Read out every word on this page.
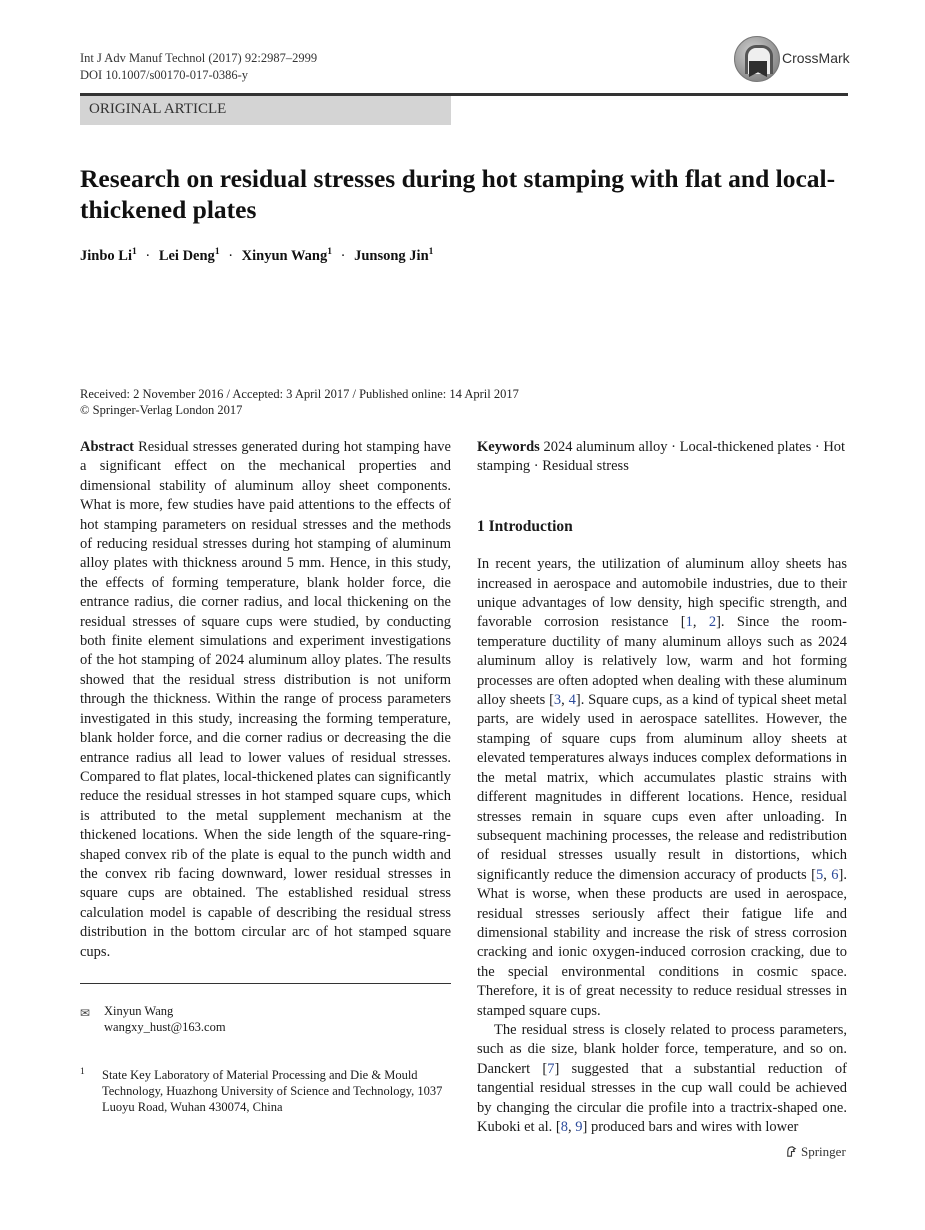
Int J Adv Manuf Technol (2017) 92:2987–2999
DOI 10.1007/s00170-017-0386-y
CrossMark
ORIGINAL ARTICLE
Research on residual stresses during hot stamping with flat and local-thickened plates
Jinbo $Li^1$ · Lei Deng$^1$ · Xinyun Wang$^1$ · Junsong Jin$^1$
Received: 2 November 2016 / Accepted: 3 April 2017 / Published online: 14 April 2017
© Springer-Verlag London 2017

Abstract Residual stresses generated during hot stamping have a significant effect on the mechanical properties and dimensional stability of aluminum alloy sheet components. What is more, few studies have paid attentions to the effects of hot stamping parameters on residual stresses and the methods of reducing residual stresses during hot stamping of aluminum alloy plates with thickness around 5 mm. Hence, in this study, the effects of forming temperature, blank holder force, die entrance radius, die corner radius, and local thickening on the residual stresses of square cups were studied, by conducting both finite element simulations and experiment investigations of the hot stamping of 2024 aluminum alloy plates. The results showed that the residual stress distribution is not uniform through the thickness. Within the range of process parameters investigated in this study, increasing the forming temperature, blank holder force, and die corner radius or decreasing the die entrance radius all lead to lower values of residual stresses. Compared to flat plates, local-thickened plates can significantly reduce the residual stresses in hot stamped square cups, which is attributed to the metal supplement mechanism at the thickened locations. When the side length of the square-ring-shaped convex rib of the plate is equal to the punch width and the convex rib facing downward, lower residual stresses in square cups are obtained. The established residual stress calculation model is capable of describing the residual stress distribution in the bottom circular arc of hot stamped square cups.

✉ Xinyun Wang
wangxy_hust@163.com
1 State Key Laboratory of Material Processing and Die & Mould Technology, Huazhong University of Science and Technology, 1037 Luoyu Road, Wuhan 430074, China

Keywords 2024 aluminum alloy · Local-thickened plates · Hot stamping · Residual stress

1 Introduction

In recent years, the utilization of aluminum alloy sheets has increased in aerospace and automobile industries, due to their unique advantages of low density, high specific strength, and favorable corrosion resistance [1, 2]. Since the room-temperature ductility of many aluminum alloys such as 2024 aluminum alloy is relatively low, warm and hot forming processes are often adopted when dealing with these aluminum alloy sheets [3, 4]. Square cups, as a kind of typical sheet metal parts, are widely used in aerospace satellites. However, the stamping of square cups from aluminum alloy sheets at elevated temperatures always induces complex deformations in the metal matrix, which accumulates plastic strains with different magnitudes in different locations. Hence, residual stresses remain in square cups even after unloading. In subsequent machining processes, the release and redistribution of residual stresses usually result in distortions, which significantly reduce the dimension accuracy of products [5, 6]. What is worse, when these products are used in aerospace, residual stresses seriously affect their fatigue life and dimensional stability and increase the risk of stress corrosion cracking and ionic oxygen-induced corrosion cracking, due to the special environmental conditions in cosmic space. Therefore, it is of great necessity to reduce residual stresses in stamped square cups.

The residual stress is closely related to process parameters, such as die size, blank holder force, temperature, and so on. Danckert [7] suggested that a substantial reduction of tangential residual stresses in the cup wall could be achieved by changing the circular die profile into a tractrix-shaped one. Kuboki et al. [8, 9] produced bars and wires with lower

Springer
